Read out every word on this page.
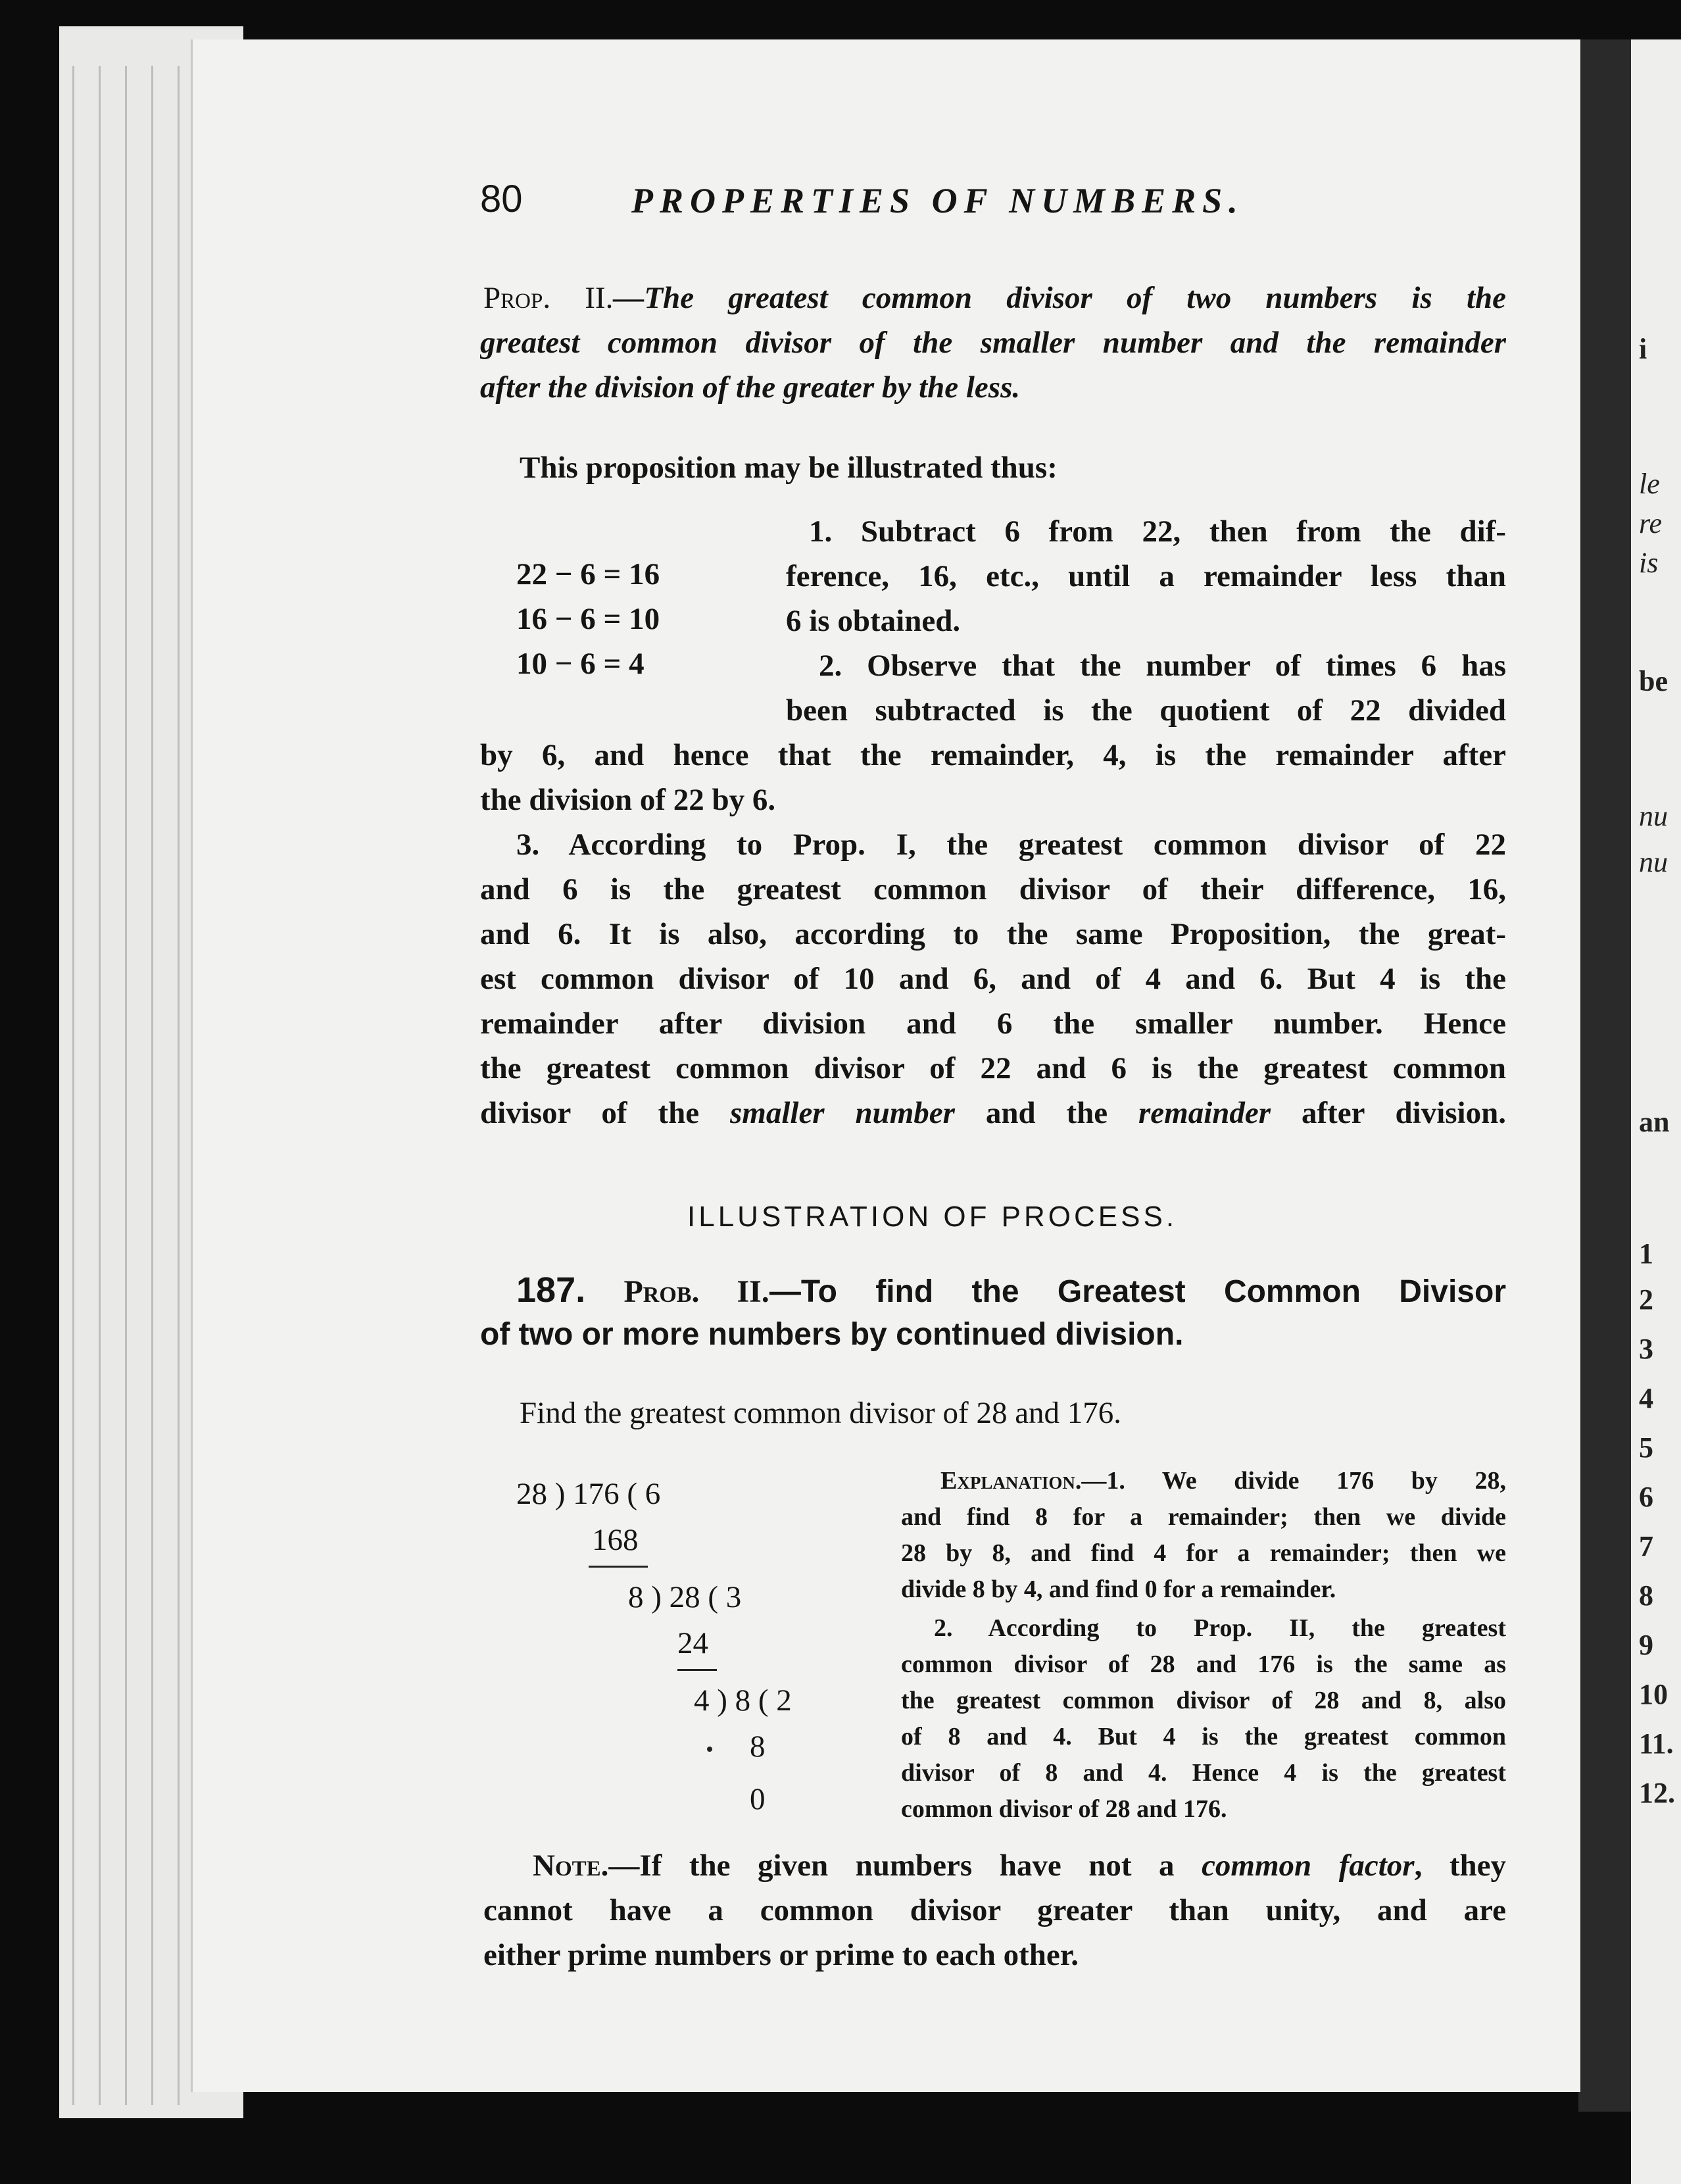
i
le
re
is
be
nu
nu
an
1
2
3
4
5
6
7
8
9
10
11.
12.
80	PROPERTIES OF NUMBERS.
Prop. II.—The greatest common divisor of two numbers is the
greatest common divisor of the smaller number and the remainder
after the division of the greater by the less.
This proposition may be illustrated thus:
22 − 6 = 16
16 − 6 = 10
10 − 6 = 4
1. Subtract 6 from 22, then from the dif-
ference, 16, etc., until a remainder less than
6 is obtained.
2. Observe that the number of times 6 has
been subtracted is the quotient of 22 divided
by 6, and hence that the remainder, 4, is the remainder after
the division of 22 by 6.
3. According to Prop. I, the greatest common divisor of 22
and 6 is the greatest common divisor of their difference, 16,
and 6. It is also, according to the same Proposition, the great-
est common divisor of 10 and 6, and of 4 and 6. But 4 is the
remainder after division and 6 the smaller number. Hence
the greatest common divisor of 22 and 6 is the greatest common
divisor of the smaller number and the remainder after division.
ILLUSTRATION OF PROCESS.
187. Prob. II.—To find the Greatest Common Divisor
of two or more numbers by continued division.
Find the greatest common divisor of 28 and 176.
28 ) 176 ( 6
168
8 ) 28 ( 3
24
4 ) 8 ( 2
8
0
Explanation.—1. We divide 176 by 28,
and find 8 for a remainder; then we divide
28 by 8, and find 4 for a remainder; then we
divide 8 by 4, and find 0 for a remainder.
2. According to Prop. II, the greatest
common divisor of 28 and 176 is the same as
the greatest common divisor of 28 and 8, also
of 8 and 4. But 4 is the greatest common
divisor of 8 and 4. Hence 4 is the greatest
common divisor of 28 and 176.
Note.—If the given numbers have not a common factor, they
cannot have a common divisor greater than unity, and are
either prime numbers or prime to each other.
